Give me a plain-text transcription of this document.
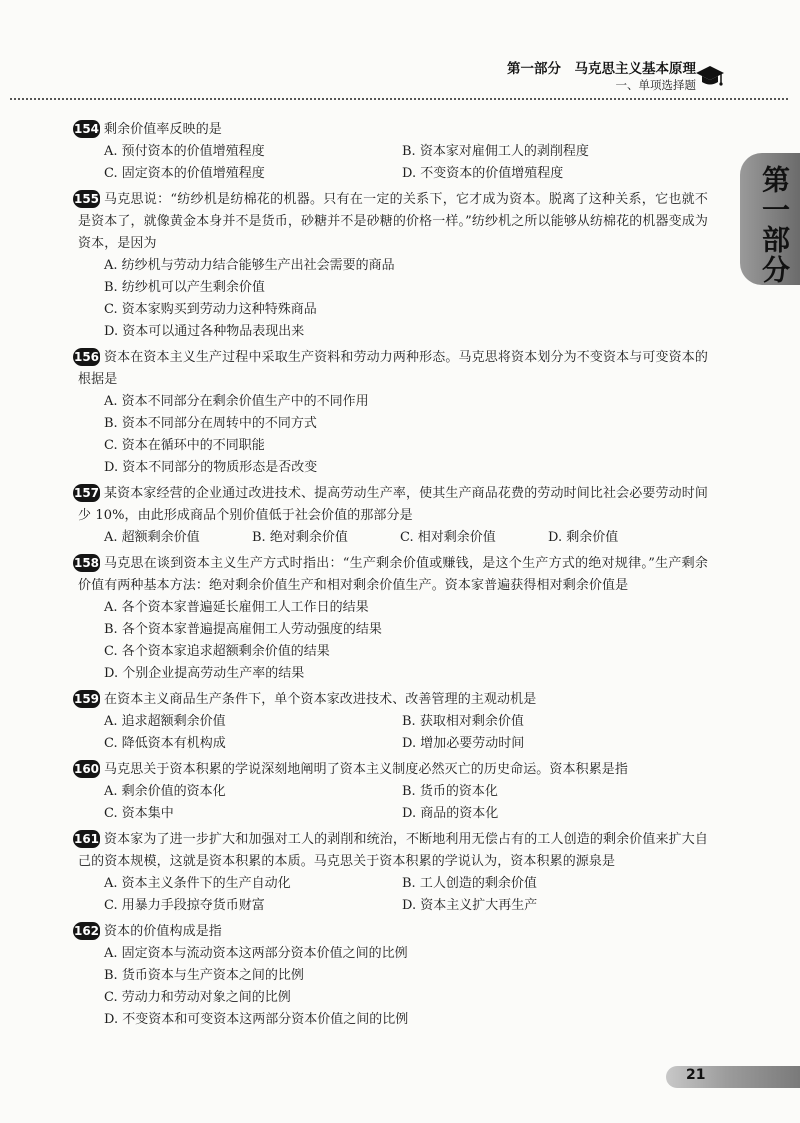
第一部分　马克思主义基本原理
一、单项选择题
第一部分
154 剩余价值率反映的是

A. 预付资本的价值增殖程度	B. 资本家对雇佣工人的剥削程度
C. 固定资本的价值增殖程度	D. 不变资本的价值增殖程度
155 马克思说：“纺纱机是纺棉花的机器。只有在一定的关系下，它才成为资本。脱离了这种关系，它也就不是资本了，就像黄金本身并不是货币，砂糖并不是砂糖的价格一样。”纺纱机之所以能够从纺棉花的机器变成为资本，是因为

A. 纺纱机与劳动力结合能够生产出社会需要的商品
B. 纺纱机可以产生剩余价值
C. 资本家购买到劳动力这种特殊商品
D. 资本可以通过各种物品表现出来
156 资本在资本主义生产过程中采取生产资料和劳动力两种形态。马克思将资本划分为不变资本与可变资本的根据是

A. 资本不同部分在剩余价值生产中的不同作用
B. 资本不同部分在周转中的不同方式
C. 资本在循环中的不同职能
D. 资本不同部分的物质形态是否改变
157 某资本家经营的企业通过改进技术、提高劳动生产率，使其生产商品花费的劳动时间比社会必要劳动时间少 10%，由此形成商品个别价值低于社会价值的那部分是

A. 超额剩余价值	B. 绝对剩余价值	C. 相对剩余价值	D. 剩余价值
158 马克思在谈到资本主义生产方式时指出：“生产剩余价值或赚钱，是这个生产方式的绝对规律。”生产剩余价值有两种基本方法：绝对剩余价值生产和相对剩余价值生产。资本家普遍获得相对剩余价值是

A. 各个资本家普遍延长雇佣工人工作日的结果
B. 各个资本家普遍提高雇佣工人劳动强度的结果
C. 各个资本家追求超额剩余价值的结果
D. 个别企业提高劳动生产率的结果
159 在资本主义商品生产条件下，单个资本家改进技术、改善管理的主观动机是

A. 追求超额剩余价值	B. 获取相对剩余价值
C. 降低资本有机构成	D. 增加必要劳动时间
160 马克思关于资本积累的学说深刻地阐明了资本主义制度必然灭亡的历史命运。资本积累是指

A. 剩余价值的资本化	B. 货币的资本化
C. 资本集中	D. 商品的资本化
161 资本家为了进一步扩大和加强对工人的剥削和统治，不断地利用无偿占有的工人创造的剩余价值来扩大自己的资本规模，这就是资本积累的本质。马克思关于资本积累的学说认为，资本积累的源泉是

A. 资本主义条件下的生产自动化	B. 工人创造的剩余价值
C. 用暴力手段掠夺货币财富	D. 资本主义扩大再生产
162 资本的价值构成是指

A. 固定资本与流动资本这两部分资本价值之间的比例
B. 货币资本与生产资本之间的比例
C. 劳动力和劳动对象之间的比例
D. 不变资本和可变资本这两部分资本价值之间的比例
21
